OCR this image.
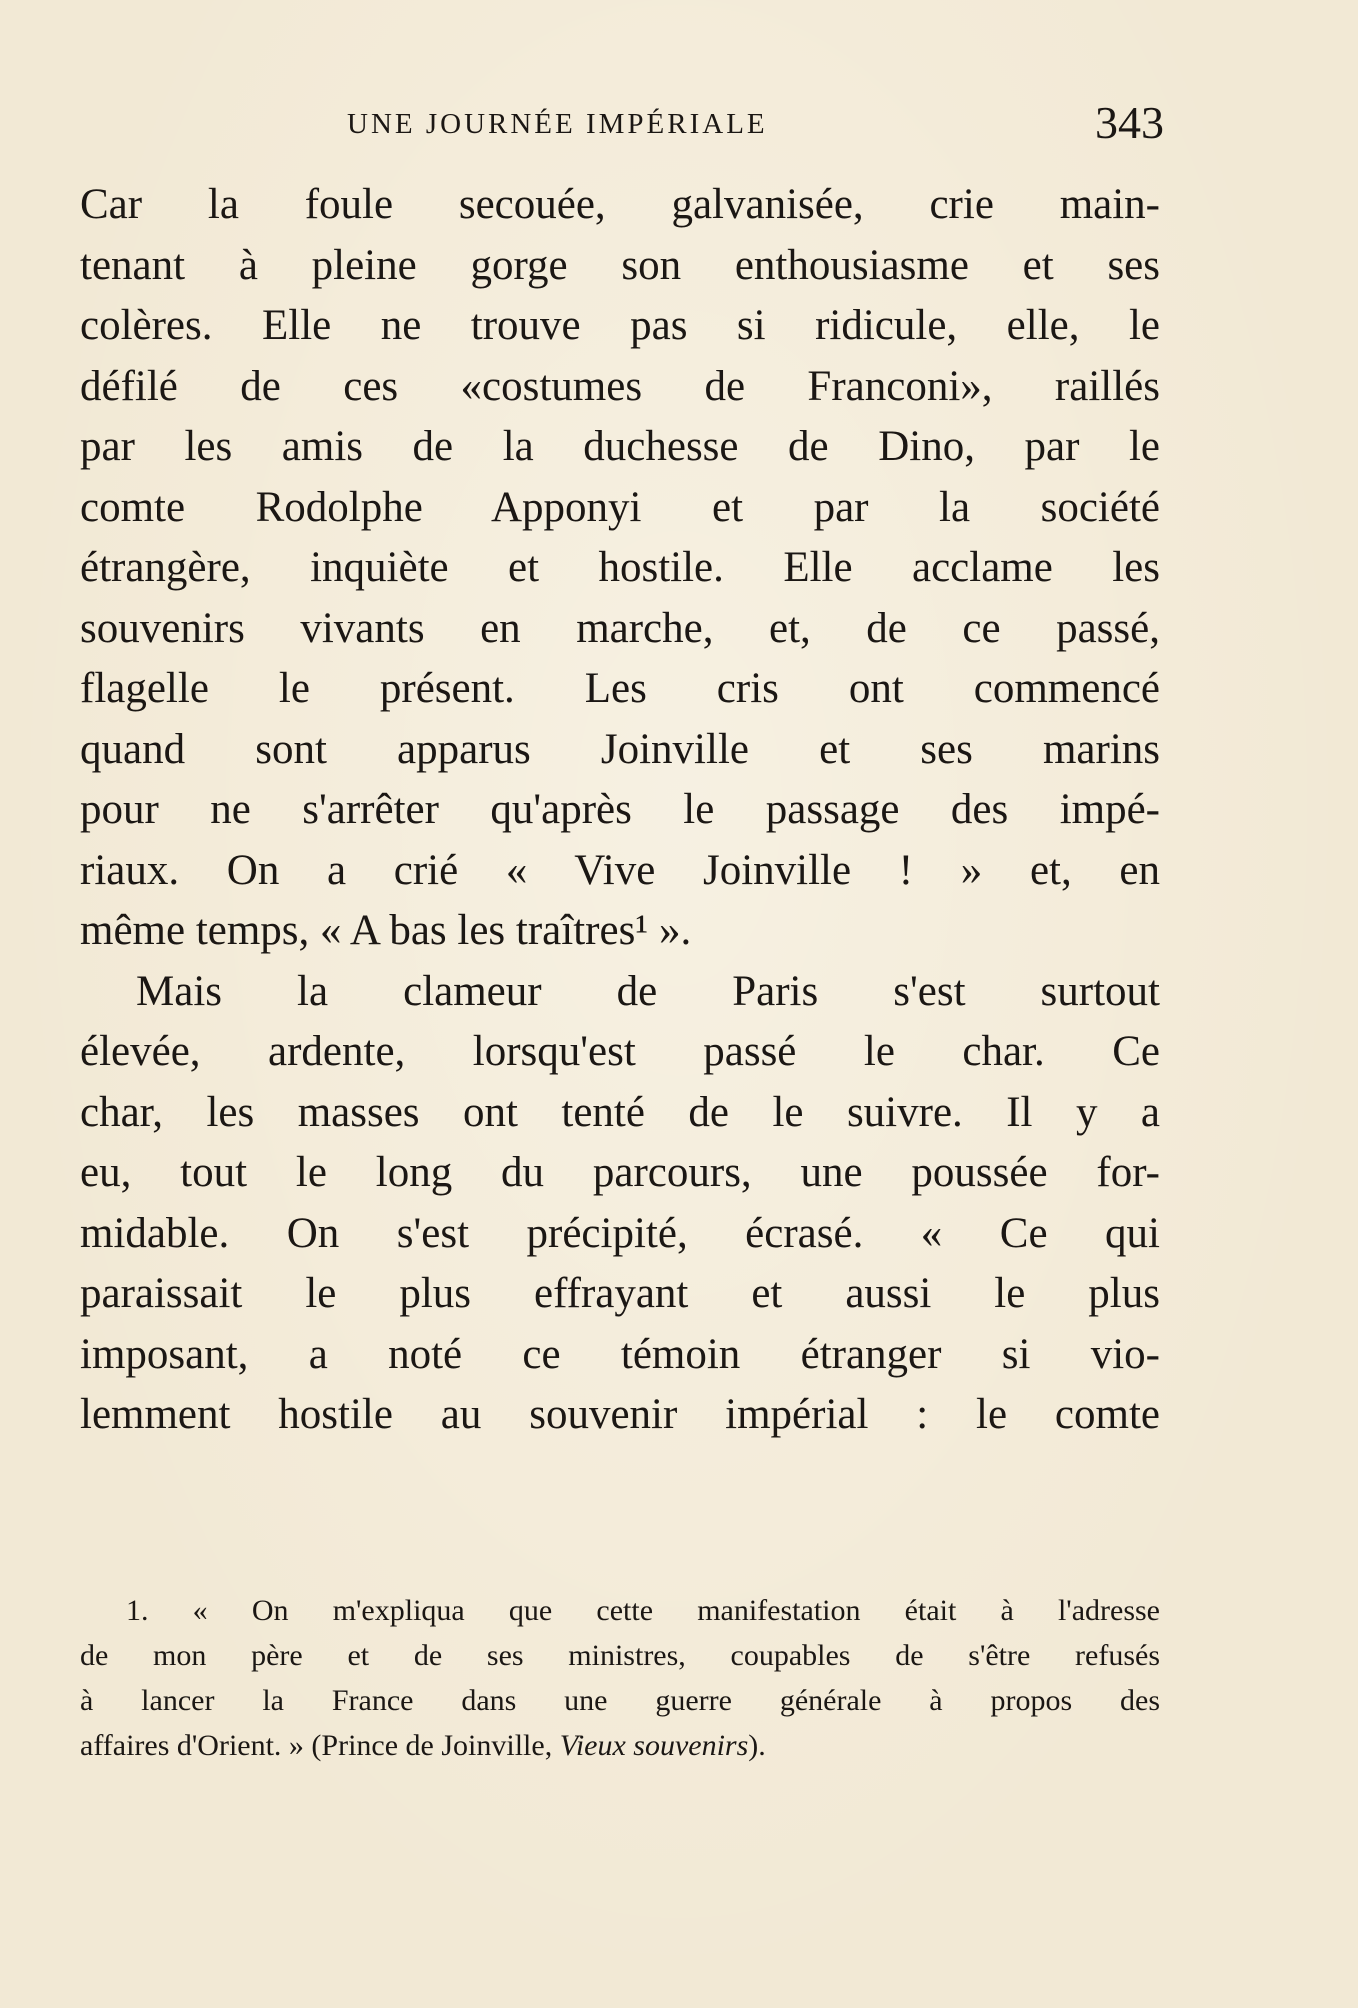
UNE JOURNÉE IMPÉRIALE	343
Car la foule secouée, galvanisée, crie main-
tenant à pleine gorge son enthousiasme et ses
colères. Elle ne trouve pas si ridicule, elle, le
défilé de ces «costumes de Franconi», raillés
par les amis de la duchesse de Dino, par le
comte Rodolphe Apponyi et par la société
étrangère, inquiète et hostile. Elle acclame les
souvenirs vivants en marche, et, de ce passé,
flagelle le présent. Les cris ont commencé
quand sont apparus Joinville et ses marins
pour ne s'arrêter qu'après le passage des impé-
riaux. On a crié « Vive Joinville ! » et, en
même temps, « A bas les traîtres¹ ».
Mais la clameur de Paris s'est surtout
élevée, ardente, lorsqu'est passé le char. Ce
char, les masses ont tenté de le suivre. Il y a
eu, tout le long du parcours, une poussée for-
midable. On s'est précipité, écrasé. « Ce qui
paraissait le plus effrayant et aussi le plus
imposant, a noté ce témoin étranger si vio-
lemment hostile au souvenir impérial : le comte
1. « On m'expliqua que cette manifestation était à l'adresse
de mon père et de ses ministres, coupables de s'être refusés
à lancer la France dans une guerre générale à propos des
affaires d'Orient. » (Prince de Joinville, Vieux souvenirs).
